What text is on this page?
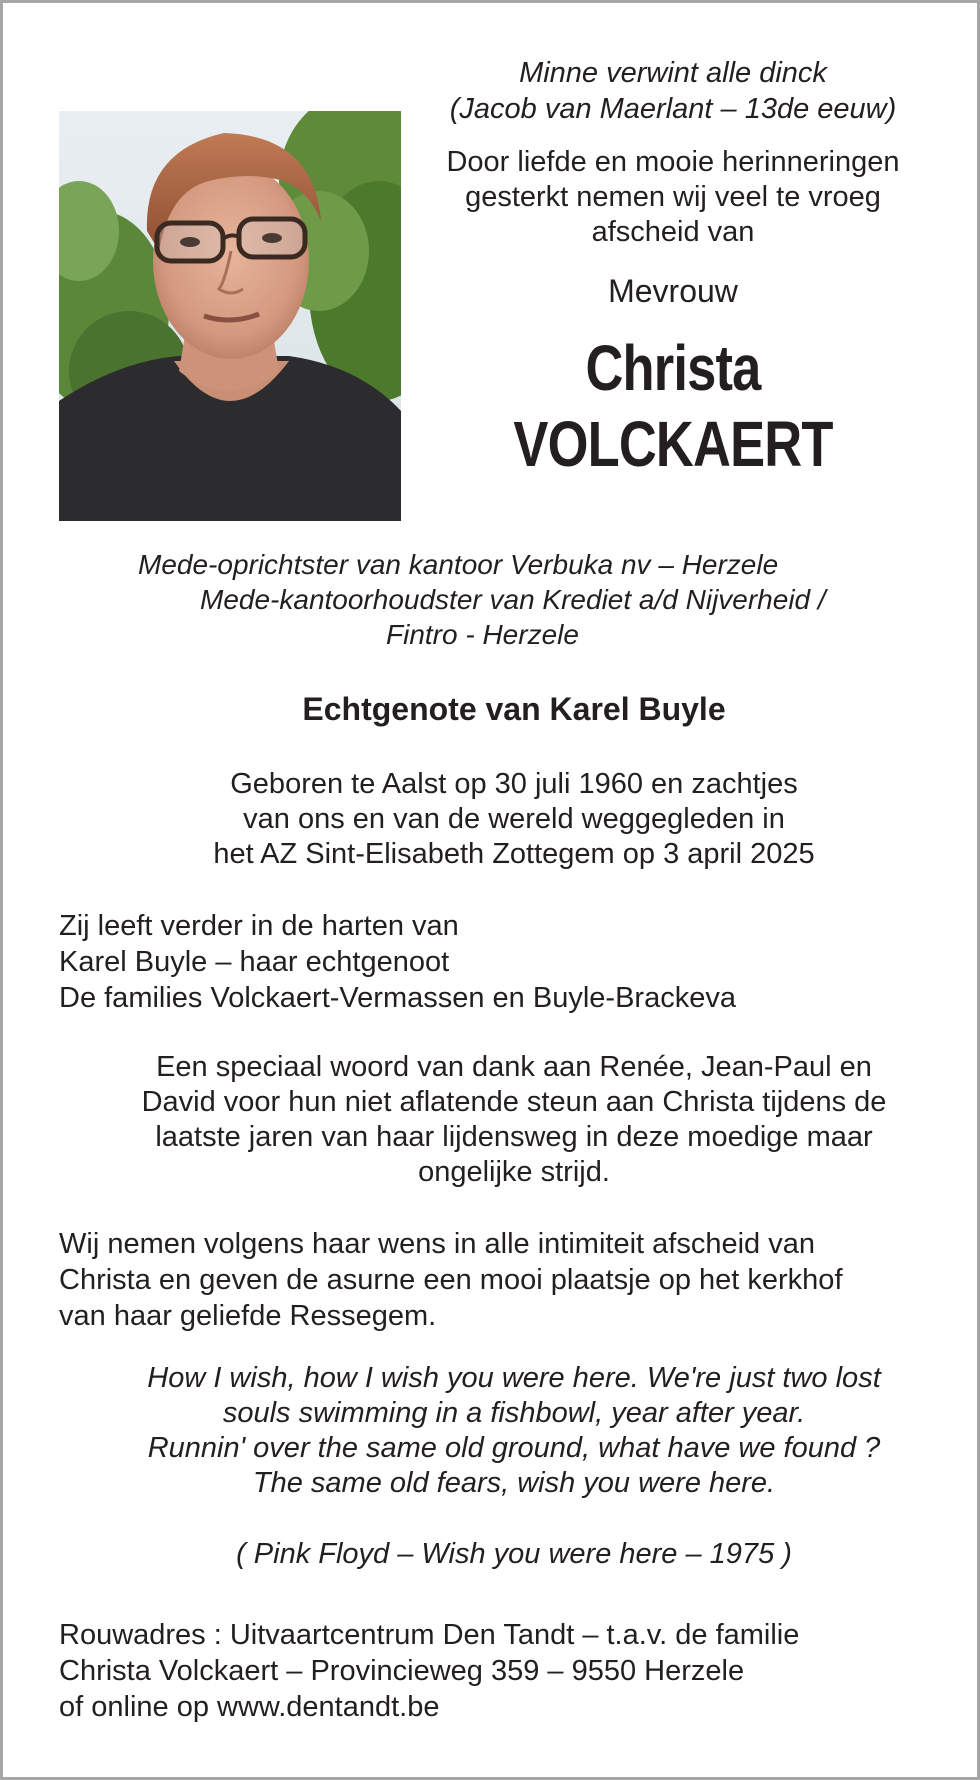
Minne verwint alle dinck
(Jacob van Maerlant – 13de eeuw)
Door liefde en mooie herinneringen
gesterkt nemen wij veel te vroeg
afscheid van
Mevrouw
Christa
VOLCKAERT
Mede-oprichtster van kantoor Verbuka nv – Herzele
Mede-kantoorhoudster van Krediet a/d Nijverheid /
Fintro - Herzele
Echtgenote van Karel Buyle
Geboren te Aalst op 30 juli 1960 en zachtjes
van ons en van de wereld weggegleden in
het AZ Sint-Elisabeth Zottegem op 3 april 2025
Zij leeft verder in de harten van
Karel Buyle – haar echtgenoot
De families Volckaert-Vermassen en Buyle-Brackeva
Een speciaal woord van dank aan Renée, Jean-Paul en
David voor hun niet aflatende steun aan Christa tijdens de
laatste jaren van haar lijdensweg in deze moedige maar
ongelijke strijd.
Wij nemen volgens haar wens in alle intimiteit afscheid van
Christa en geven de asurne een mooi plaatsje op het kerkhof
van haar geliefde Ressegem.
How I wish, how I wish you were here. We're just two lost
souls swimming in a fishbowl, year after year.
Runnin' over the same old ground, what have we found ?
The same old fears, wish you were here.
( Pink Floyd – Wish you were here – 1975 )
Rouwadres : Uitvaartcentrum Den Tandt – t.a.v. de familie
Christa Volckaert – Provincieweg 359 – 9550 Herzele
of online op www.dentandt.be
